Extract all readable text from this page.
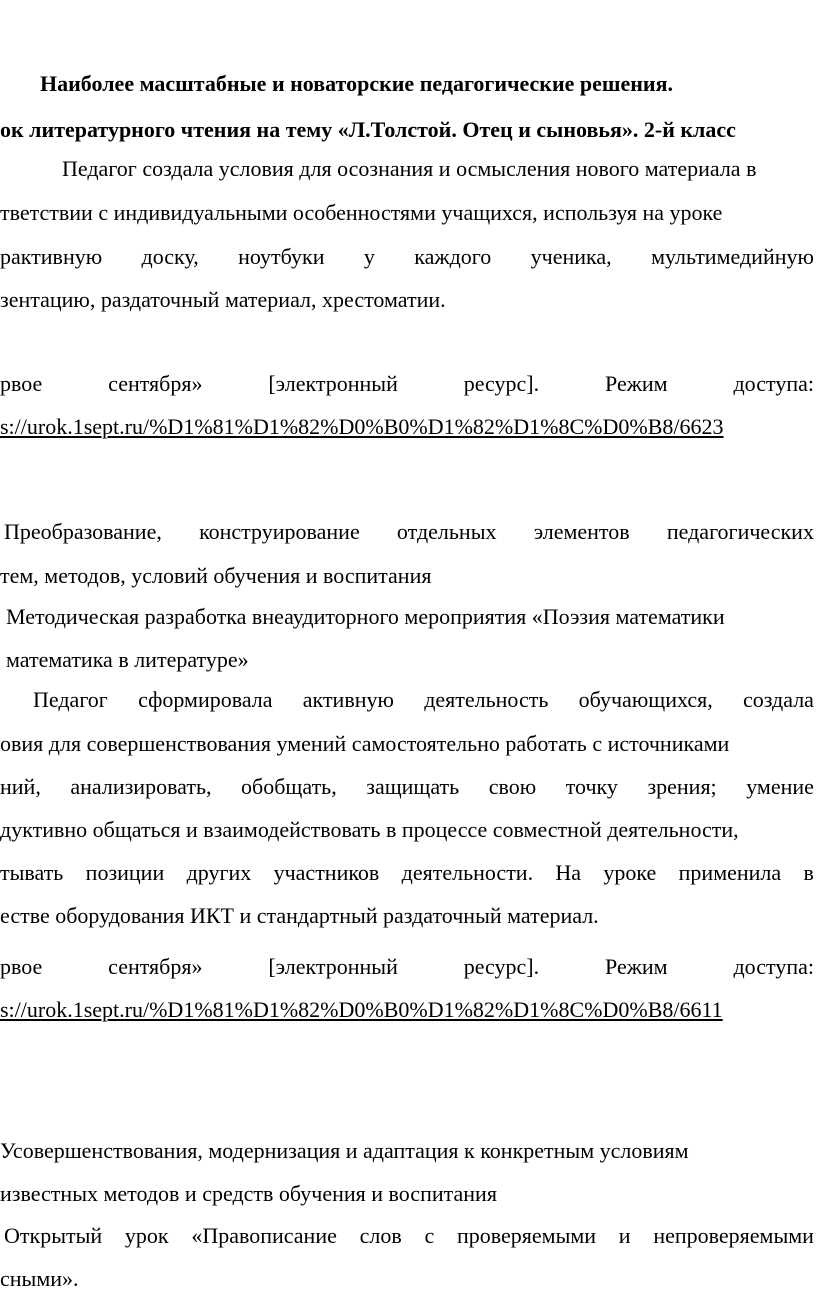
Наиболее масштабные и новаторские педагогические решения.
ок литературного чтения на тему «Л.Толстой. Отец и сыновья». 2-й класс
Педагог создала условия для осознания и осмысления нового материала в
тветствии с индивидуальными особенностями учащихся, используя на уроке
рактивную доску, ноутбуки у каждого ученика, мультимедийную
зентацию, раздаточный материал, хрестоматии.
рвое	сентября»	[электронный	ресурс].	Режим	доступа:
s://urok.1sept.ru/%D1%81%D1%82%D0%B0%D1%82%D1%8C%D0%B8/6623
Преобразование, конструирование отдельных элементов педагогических
тем, методов, условий обучения и воспитания
Методическая разработка внеаудиторного мероприятия «Поэзия математики
математика в литературе»
Педагог сформировала активную деятельность обучающихся, создала
овия для совершенствования умений самостоятельно работать с источниками
ний, анализировать, обобщать, защищать свою точку зрения; умение
дуктивно общаться и взаимодействовать в процессе совместной деятельности,
тывать позиции других участников деятельности. На уроке применила в
естве оборудования ИКТ и стандартный раздаточный материал.
рвое	сентября»	[электронный	ресурс].	Режим	доступа:
s://urok.1sept.ru/%D1%81%D1%82%D0%B0%D1%82%D1%8C%D0%B8/6611
Усовершенствования, модернизация и адаптация к конкретным условиям
известных методов и средств обучения и воспитания
Открытый урок «Правописание слов с проверяемыми и непроверяемыми
сными».
